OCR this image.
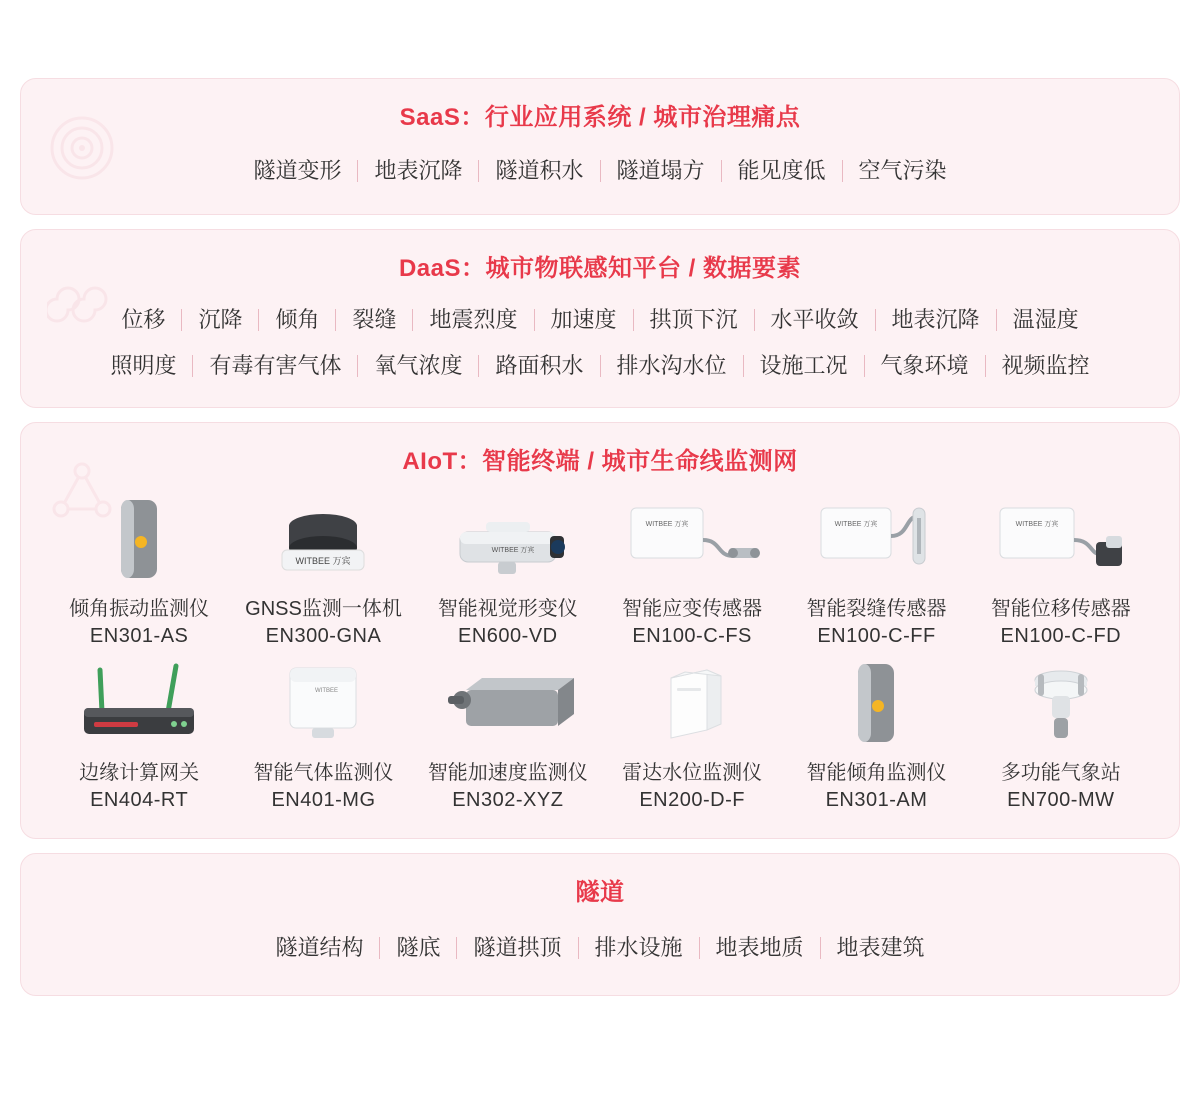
SaaS：行业应用系统 / 城市治理痛点
隧道变形	地表沉降	隧道积水	隧道塌方	能见度低	空气污染
DaaS：城市物联感知平台 / 数据要素
位移	沉降	倾角	裂缝	地震烈度	加速度	拱顶下沉	水平收敛	地表沉降	温湿度
照明度	有毒有害气体	氧气浓度	路面积水	排水沟水位	设施工况	气象环境	视频监控
AIoT：智能终端 / 城市生命线监测网
倾角振动监测仪
EN301-AS
WITBEE 万宾
GNSS监测一体机
EN300-GNA
WITBEE 万宾
智能视觉形变仪
EN600-VD
WITBEE 万宾
智能应变传感器
EN100-C-FS
WITBEE 万宾
智能裂缝传感器
EN100-C-FF
WITBEE 万宾
智能位移传感器
EN100-C-FD
边缘计算网关
EN404-RT
WITBEE
智能气体监测仪
EN401-MG
智能加速度监测仪
EN302-XYZ
雷达水位监测仪
EN200-D-F
智能倾角监测仪
EN301-AM
多功能气象站
EN700-MW
隧道
隧道结构	隧底	隧道拱顶	排水设施	地表地质	地表建筑
